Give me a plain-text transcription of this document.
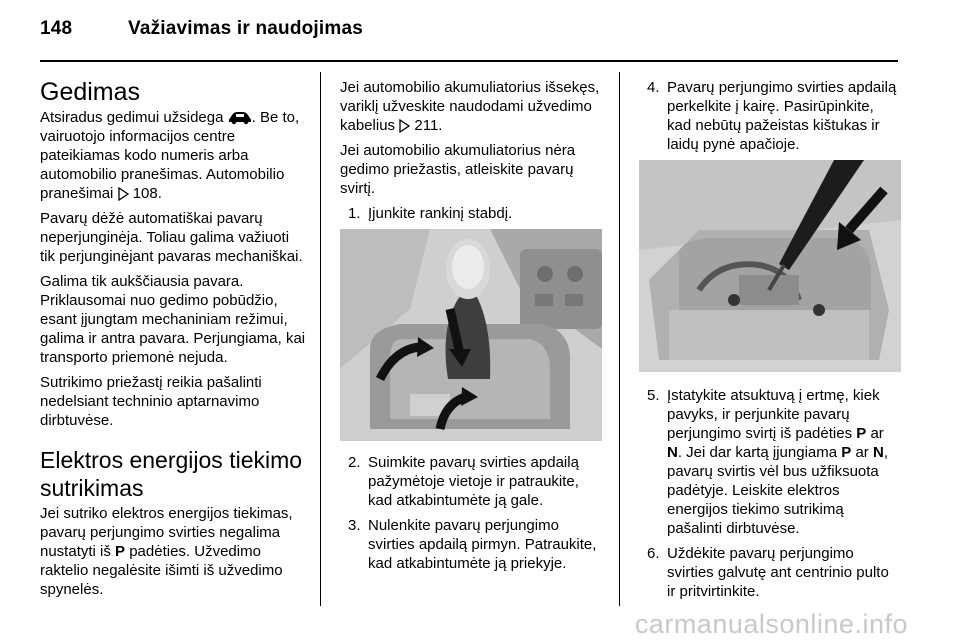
148	Važiavimas ir naudojimas
Gedimas

Atsiradus gedimui užsidega . Be to, vairuotojo informacijos centre pateikiamas kodo numeris arba automobilio pranešimas. Automobilio pranešimai  108.

Pavarų dėžė automatiškai pavarų neperjunginėja. Toliau galima važiuoti tik perjunginėjant pavaras mechaniškai.

Galima tik aukščiausia pavara. Priklausomai nuo gedimo pobūdžio, esant įjungtam mechaniniam režimui, galima ir antra pavara. Perjungiama, kai transporto priemonė nejuda.

Sutrikimo priežastį reikia pašalinti nedelsiant techninio aptarnavimo dirbtuvėse.

Elektros energijos tiekimo sutrikimas

Jei sutriko elektros energijos tiekimas, pavarų perjungimo svirties negalima nustatyti iš P padėties. Užvedimo raktelio negalėsite išimti iš užvedimo spynelės.

Jei automobilio akumuliatorius išsekęs, variklį užveskite naudodami užvedimo kabelius  211.

Jei automobilio akumuliatorius nėra gedimo priežastis, atleiskite pavarų svirtį.

1. Įjunkite rankinį stabdį.
2. Suimkite pavarų svirties apdailą pažymėtoje vietoje ir patraukite, kad atkabintumėte ją gale.
3. Nulenkite pavarų perjungimo svirties apdailą pirmyn. Patraukite, kad atkabintumėte ją priekyje.
4. Pavarų perjungimo svirties apdailą perkelkite į kairę. Pasirūpinkite, kad nebūtų pažeistas kištukas ir laidų pynė apačioje.
5. Įstatykite atsuktuvą į ertmę, kiek pavyks, ir perjunkite pavarų perjungimo svirtį iš padėties P ar N. Jei dar kartą įjungiama P ar N, pavarų svirtis vėl bus užfiksuota padėtyje. Leiskite elektros energijos tiekimo sutrikimą pašalinti dirbtuvėse.
6. Uždėkite pavarų perjungimo svirties galvutę ant centrinio pulto ir pritvirtinkite.
carmanualsonline.info
